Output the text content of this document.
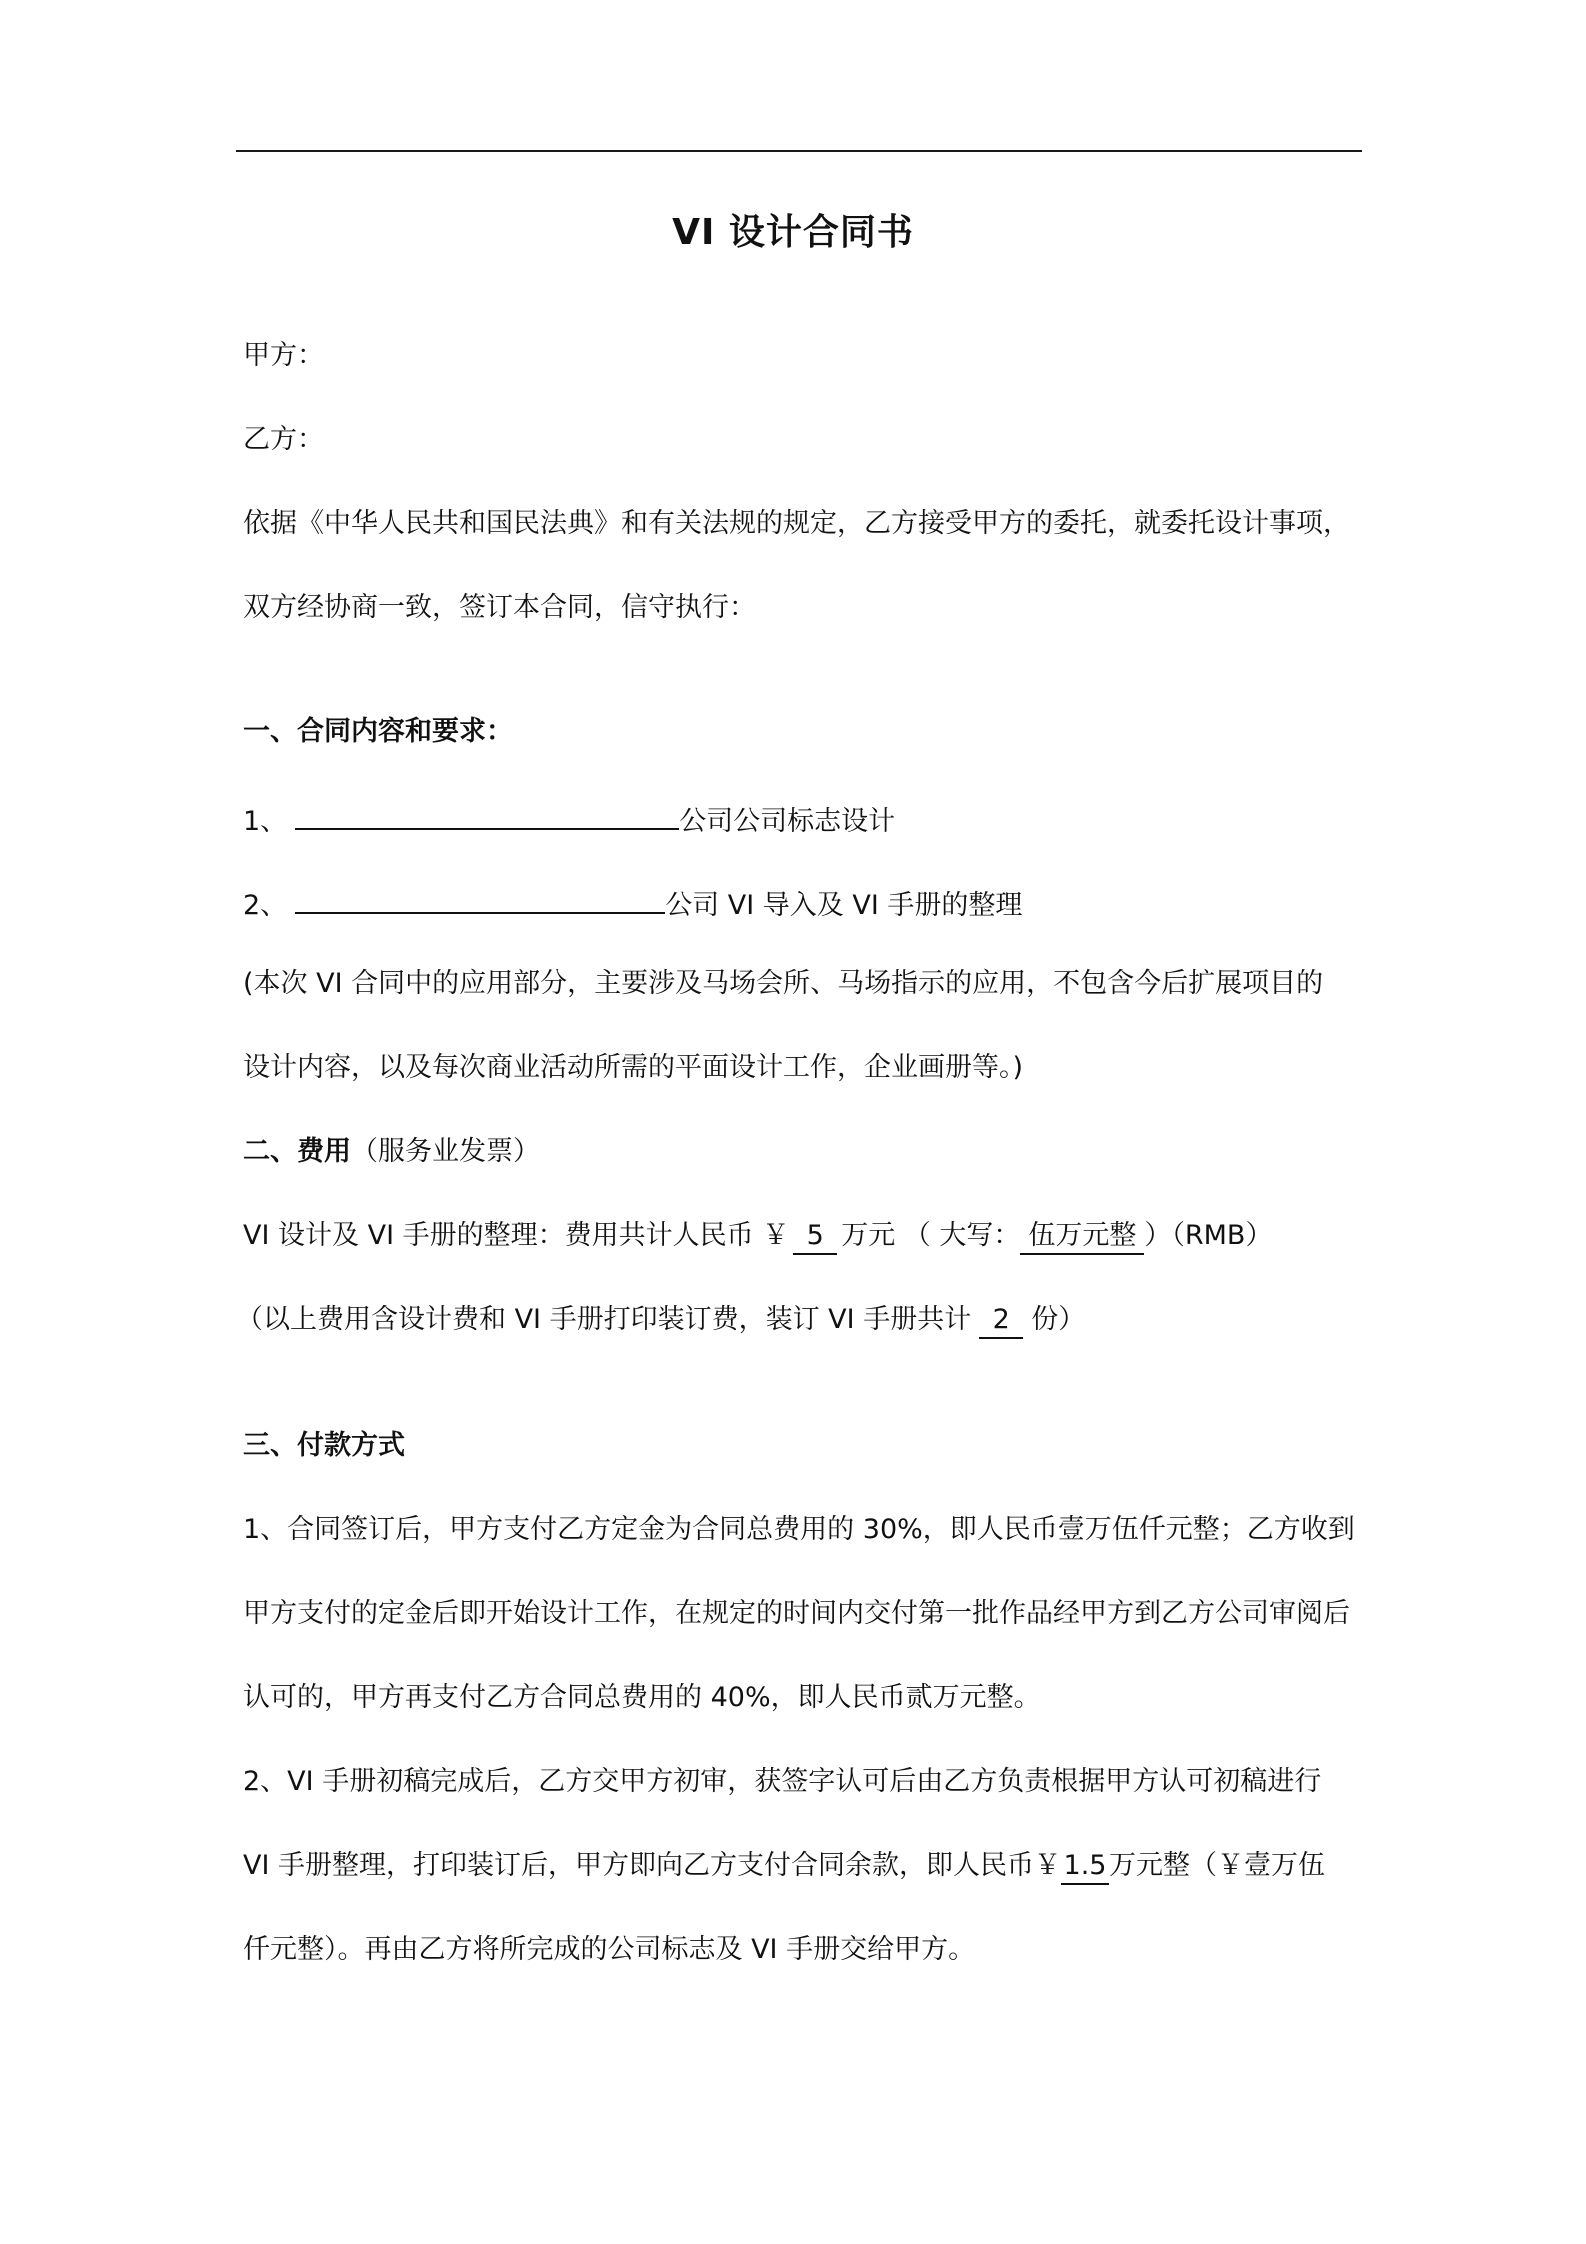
VI 设计合同书
甲方：
乙方：
依据《中华人民共和国民法典》和有关法规的规定，乙方接受甲方的委托，就委托设计事项，
双方经协商一致，签订本合同，信守执行：
一、合同内容和要求：
1、	公司公司标志设计
2、	公司 VI 导入及 VI 手册的整理
(本次 VI 合同中的应用部分，主要涉及马场会所、马场指示的应用，不包含今后扩展项目的
设计内容，以及每次商业活动所需的平面设计工作，企业画册等。)
二、费用（服务业发票）
VI 设计及 VI 手册的整理：费用共计人民币 ￥ 5 万元 （ 大写： 伍万元整 ）（RMB）
（以上费用含设计费和 VI 手册打印装订费，装订 VI 手册共计 2 份）
三、付款方式
1、合同签订后，甲方支付乙方定金为合同总费用的 30%，即人民币壹万伍仟元整；乙方收到
甲方支付的定金后即开始设计工作，在规定的时间内交付第一批作品经甲方到乙方公司审阅后
认可的，甲方再支付乙方合同总费用的 40%，即人民币贰万元整。
2、VI 手册初稿完成后，乙方交甲方初审，获签字认可后由乙方负责根据甲方认可初稿进行
VI 手册整理，打印装订后，甲方即向乙方支付合同余款，即人民币￥1.5万元整（￥壹万伍
仟元整）。再由乙方将所完成的公司标志及 VI 手册交给甲方。
